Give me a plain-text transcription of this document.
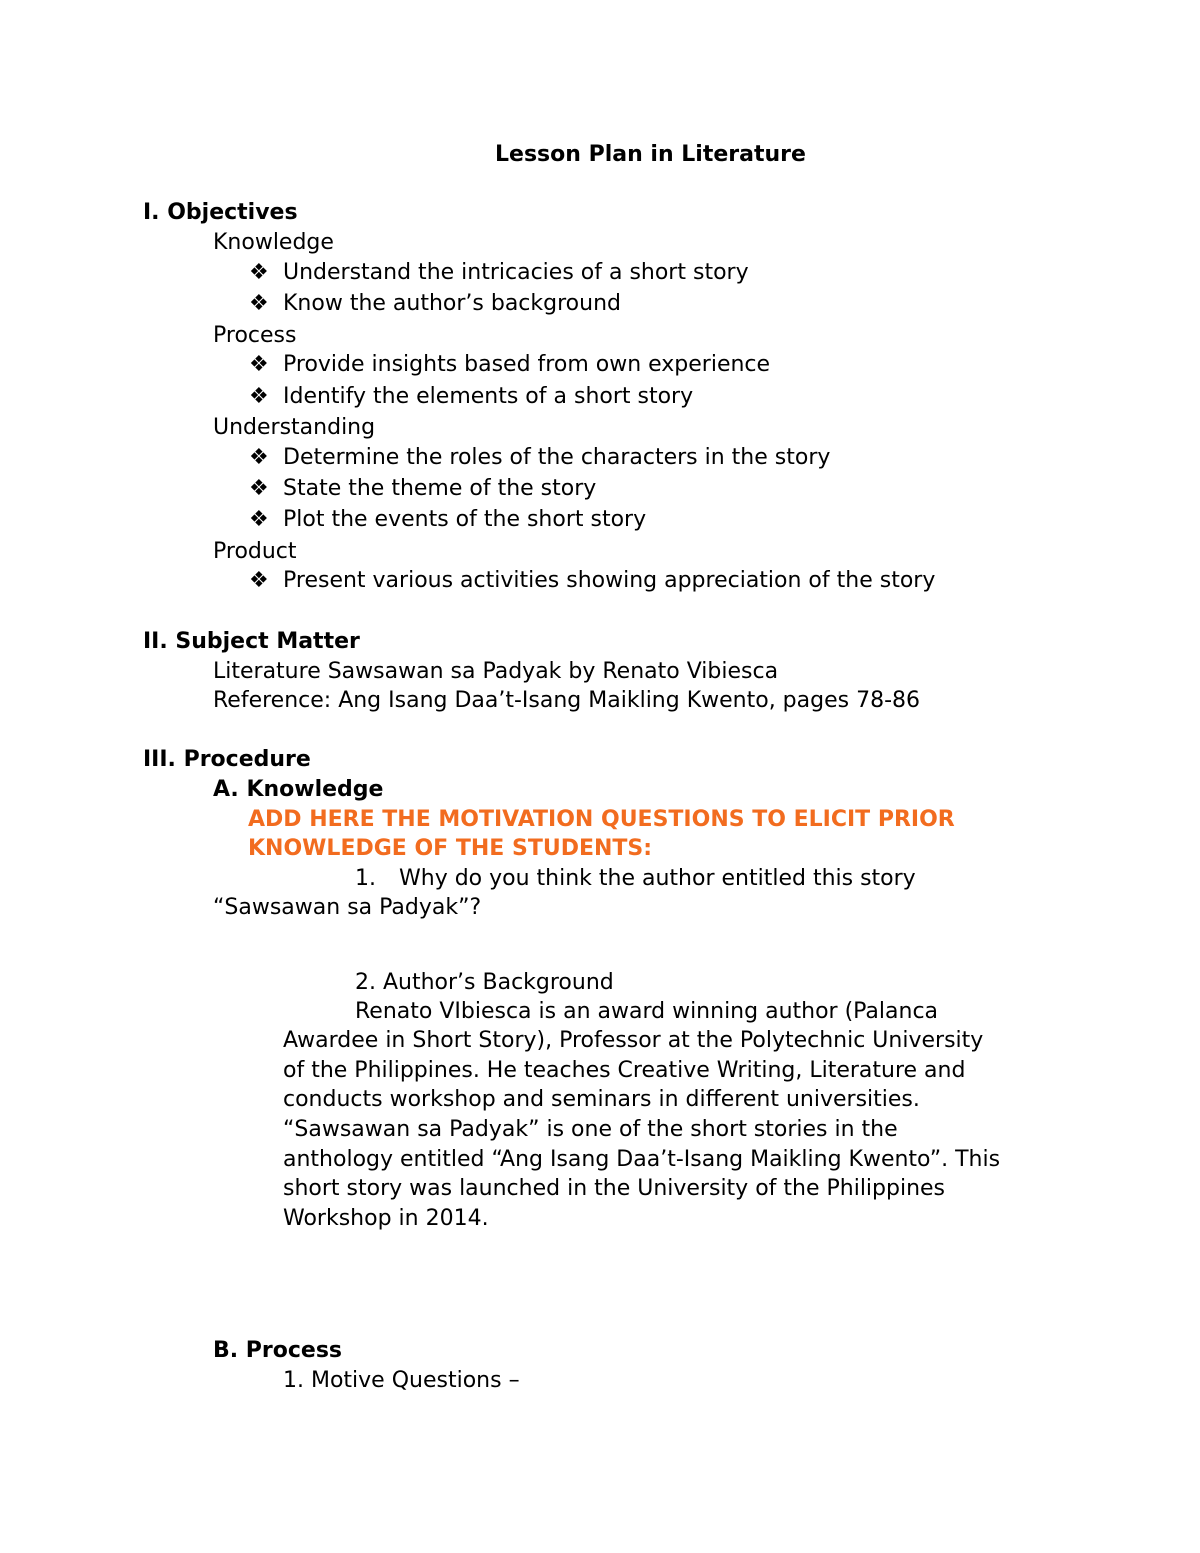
Lesson Plan in Literature
I. Objectives
Knowledge
❖ Understand the intricacies of a short story
❖ Know the author’s background
Process
❖ Provide insights based from own experience
❖ Identify the elements of a short story
Understanding
❖ Determine the roles of the characters in the story
❖ State the theme of the story
❖ Plot the events of the short story
Product
❖ Present various activities showing appreciation of the story
II. Subject Matter
Literature Sawsawan sa Padyak by Renato Vibiesca
Reference: Ang Isang Daa’t-Isang Maikling Kwento, pages 78-86
III. Procedure
A. Knowledge
ADD HERE THE MOTIVATION QUESTIONS TO ELICIT PRIOR
KNOWLEDGE OF THE STUDENTS:
1. Why do you think the author entitled this story
“Sawsawan sa Padyak”?
2. Author’s Background
Renato VIbiesca is an award winning author (Palanca
Awardee in Short Story), Professor at the Polytechnic University
of the Philippines. He teaches Creative Writing, Literature and
conducts workshop and seminars in different universities.
“Sawsawan sa Padyak” is one of the short stories in the
anthology entitled “Ang Isang Daa’t-Isang Maikling Kwento”. This
short story was launched in the University of the Philippines
Workshop in 2014.
B. Process
1. Motive Questions –
